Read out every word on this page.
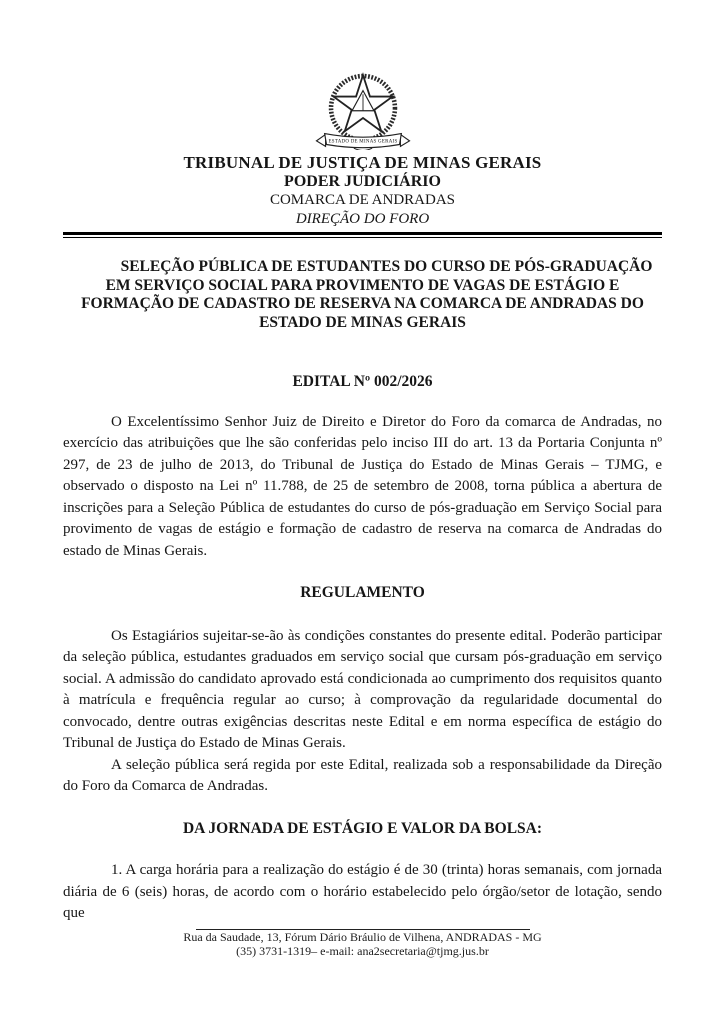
ESTADO DE MINAS GERAIS
TRIBUNAL DE JUSTIÇA DE MINAS GERAIS
PODER JUDICIÁRIO
COMARCA DE ANDRADAS
DIREÇÃO DO FORO

SELEÇÃO PÚBLICA DE ESTUDANTES DO CURSO DE PÓS-GRADUAÇÃO EM SERVIÇO SOCIAL PARA PROVIMENTO DE VAGAS DE ESTÁGIO E FORMAÇÃO DE CADASTRO DE RESERVA NA COMARCA DE ANDRADAS DO ESTADO DE MINAS GERAIS

EDITAL Nº 002/2026

O Excelentíssimo Senhor Juiz de Direito e Diretor do Foro da comarca de Andradas, no exercício das atribuições que lhe são conferidas pelo inciso III do art. 13 da Portaria Conjunta nº 297, de 23 de julho de 2013, do Tribunal de Justiça do Estado de Minas Gerais – TJMG, e observado o disposto na Lei nº 11.788, de 25 de setembro de 2008, torna pública a abertura de inscrições para a Seleção Pública de estudantes do curso de pós-graduação em Serviço Social para provimento de vagas de estágio e formação de cadastro de reserva na comarca de Andradas do estado de Minas Gerais.

REGULAMENTO

Os Estagiários sujeitar-se-ão às condições constantes do presente edital. Poderão participar da seleção pública, estudantes graduados em serviço social que cursam pós-graduação em serviço social. A admissão do candidato aprovado está condicionada ao cumprimento dos requisitos quanto à matrícula e frequência regular ao curso; à comprovação da regularidade documental do convocado, dentre outras exigências descritas neste Edital e em norma específica de estágio do Tribunal de Justiça do Estado de Minas Gerais.

A seleção pública será regida por este Edital, realizada sob a responsabilidade da Direção do Foro da Comarca de Andradas.

DA JORNADA DE ESTÁGIO E VALOR DA BOLSA:

1. A carga horária para a realização do estágio é de 30 (trinta) horas semanais, com jornada diária de 6 (seis) horas, de acordo com o horário estabelecido pelo órgão/setor de lotação, sendo que

Rua da Saudade, 13, Fórum Dário Bráulio de Vilhena, ANDRADAS - MG
(35) 3731-1319– e-mail: ana2secretaria@tjmg.jus.br
